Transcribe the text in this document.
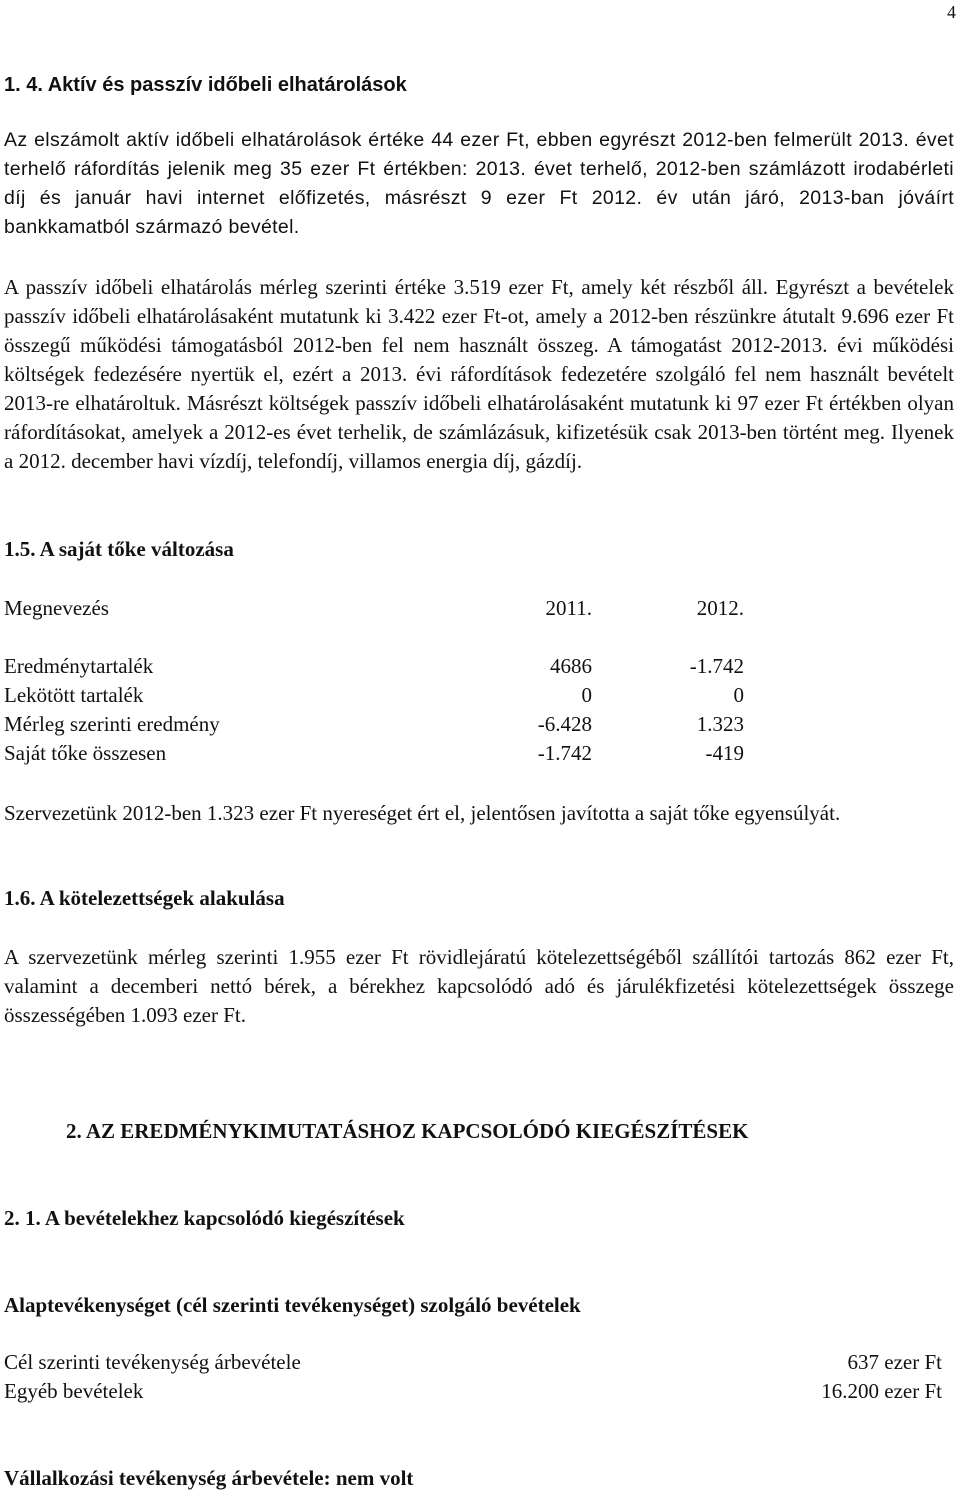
4
1. 4. Aktív és passzív időbeli elhatárolások
Az elszámolt aktív időbeli elhatárolások értéke 44 ezer Ft, ebben egyrészt 2012-ben felmerült 2013. évet terhelő ráfordítás jelenik meg 35 ezer Ft értékben: 2013. évet terhelő, 2012-ben számlázott irodabérleti díj és január havi internet előfizetés, másrészt 9 ezer Ft 2012. év után járó, 2013-ban jóváírt bankkamatból származó bevétel.
A passzív időbeli elhatárolás mérleg szerinti értéke 3.519 ezer Ft, amely két részből áll. Egyrészt a bevételek passzív időbeli elhatárolásaként mutatunk ki 3.422 ezer Ft-ot, amely a 2012-ben részünkre átutalt 9.696 ezer Ft összegű működési támogatásból 2012-ben fel nem használt összeg. A támogatást 2012-2013. évi működési költségek fedezésére nyertük el, ezért a 2013. évi ráfordítások fedezetére szolgáló fel nem használt bevételt 2013-re elhatároltuk. Másrészt költségek passzív időbeli elhatárolásaként mutatunk ki 97 ezer Ft értékben olyan ráfordításokat, amelyek a 2012-es évet terhelik, de számlázásuk, kifizetésük csak 2013-ben történt meg. Ilyenek a 2012. december havi vízdíj, telefondíj, villamos energia díj, gázdíj.
1.5. A saját tőke változása
Megnevezés	2011.	2012.
Eredménytartalék	4686	-1.742
Lekötött tartalék	0	0
Mérleg szerinti eredmény	-6.428	1.323
Saját tőke összesen	-1.742	-419
Szervezetünk 2012-ben 1.323 ezer Ft nyereséget ért el, jelentősen javította a saját tőke egyensúlyát.
1.6. A kötelezettségek alakulása
A szervezetünk mérleg szerinti 1.955 ezer Ft rövidlejáratú kötelezettségéből szállítói tartozás 862 ezer Ft, valamint a decemberi nettó bérek, a bérekhez kapcsolódó adó és járulékfizetési kötelezettségek összege összességében 1.093 ezer Ft.
2. AZ EREDMÉNYKIMUTATÁSHOZ KAPCSOLÓDÓ KIEGÉSZÍTÉSEK
2. 1. A bevételekhez kapcsolódó kiegészítések
Alaptevékenységet (cél szerinti tevékenységet) szolgáló bevételek
Cél szerinti tevékenység árbevétele	637 ezer Ft
Egyéb bevételek	16.200 ezer Ft
Vállalkozási tevékenység árbevétele: nem volt
